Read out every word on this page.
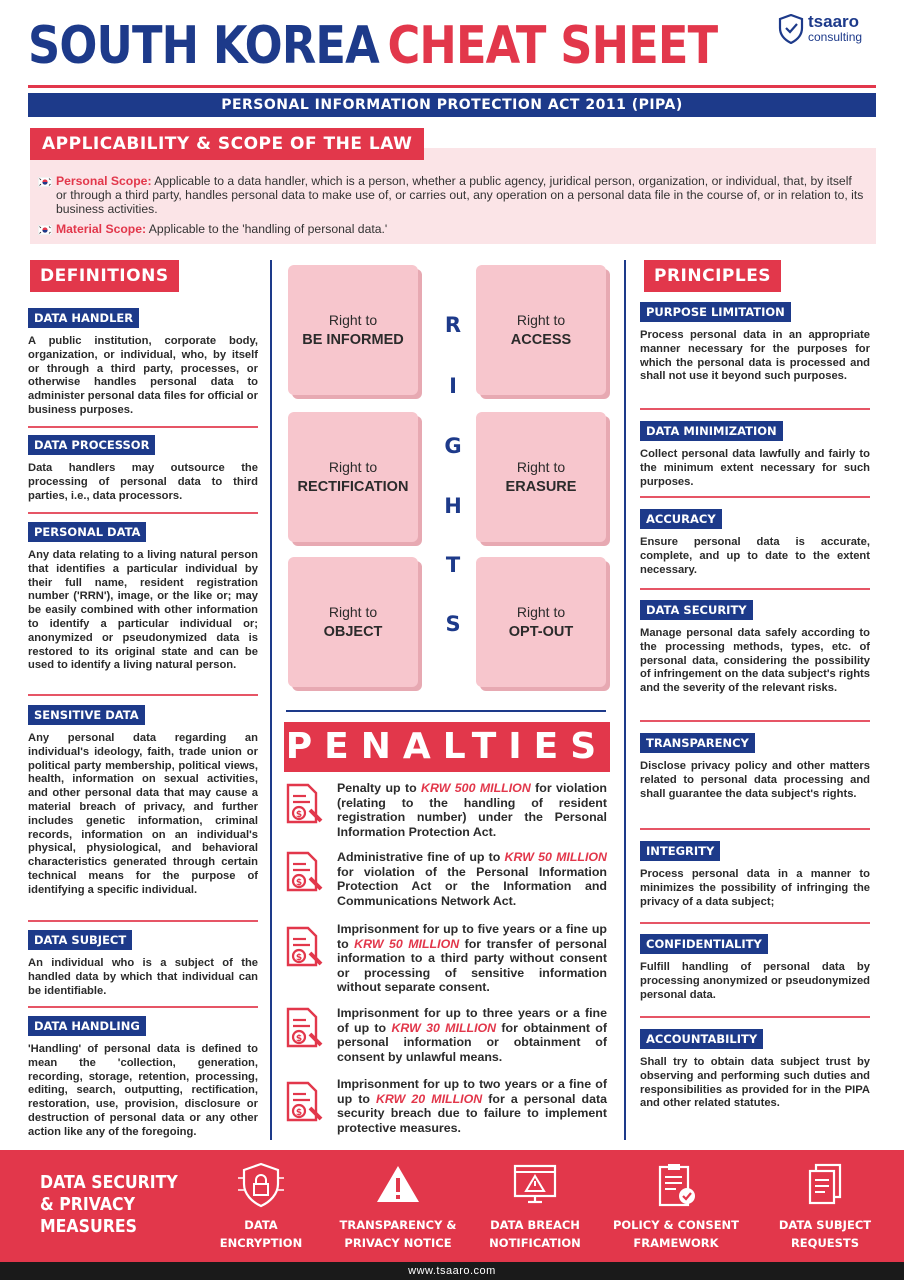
SOUTH KOREA CHEAT SHEET	tsaaro
consulting
PERSONAL INFORMATION PROTECTION ACT 2011 (PIPA)
Personal Scope: Applicable to a data handler, which is a person, whether a public agency, juridical person, organization, or individual, that, by itself or through a third party, handles personal data to make use of, or carries out, any operation on a personal data file in the course of, or in relation to, its business activities.
Material Scope: Applicable to the 'handling of personal data.'
APPLICABILITY & SCOPE OF THE LAW
DEFINITIONS
DATA HANDLER
A public institution, corporate body, organization, or individual, who, by itself or through a third party, processes, or otherwise handles personal data to administer personal data files for official or business purposes.
DATA PROCESSOR
Data handlers may outsource the processing of personal data to third parties, i.e., data processors.
PERSONAL DATA
Any data relating to a living natural person that identifies a particular individual by their full name, resident registration number ('RRN'), image, or the like or; may be easily combined with other information to identify a particular individual or; anonymized or pseudonymized data is restored to its original state and can be used to identify a living natural person.
SENSITIVE DATA
Any personal data regarding an individual's ideology, faith, trade union or political party membership, political views, health, information on sexual activities, and other personal data that may cause a material breach of privacy, and further includes genetic information, criminal records, information on an individual's physical, physiological, and behavioral characteristics generated through certain technical means for the purpose of identifying a specific individual.
DATA SUBJECT
An individual who is a subject of the handled data by which that individual can be identifiable.
DATA HANDLING
'Handling' of personal data is defined to mean the 'collection, generation, recording, storage, retention, processing, editing, search, outputting, rectification, restoration, use, provision, disclosure or destruction of personal data or any other action like any of the foregoing.
Right to
BE INFORMED
Right to
ACCESS
Right to
RECTIFICATION
Right to
ERASURE
Right to
OBJECT
Right to
OPT-OUT
R
I
G
H
T
S
PENALTIES
$
Penalty up to KRW 500 MILLION for violation (relating to the handling of resident registration number) under the Personal Information Protection Act.
$
Administrative fine of up to KRW 50 MILLION for violation of the Personal Information Protection Act or the Information and Communications Network Act.
$
Imprisonment for up to five years or a fine up to KRW 50 MILLION for transfer of personal information to a third party without consent or processing of sensitive information without separate consent.
$
Imprisonment for up to three years or a fine of up to KRW 30 MILLION for obtainment of personal information or obtainment of consent by unlawful means.
$
Imprisonment for up to two years or a fine of up to KRW 20 MILLION for a personal data security breach due to failure to implement protective measures.
PRINCIPLES
PURPOSE LIMITATION
Process personal data in an appropriate manner necessary for the purposes for which the personal data is processed and shall not use it beyond such purposes.
DATA MINIMIZATION
Collect personal data lawfully and fairly to the minimum extent necessary for such purposes.
ACCURACY
Ensure personal data is accurate, complete, and up to date to the extent necessary.
DATA SECURITY
Manage personal data safely according to the processing methods, types, etc. of personal data, considering the possibility of infringement on the data subject's rights and the severity of the relevant risks.
TRANSPARENCY
Disclose privacy policy and other matters related to personal data processing and shall guarantee the data subject's rights.
INTEGRITY
Process personal data in a manner to minimizes the possibility of infringing the privacy of a data subject;
CONFIDENTIALITY
Fulfill handling of personal data by processing anonymized or pseudonymized personal data.
ACCOUNTABILITY
Shall try to obtain data subject trust by observing and performing such duties and responsibilities as provided for in the PIPA and other related statutes.
DATA SECURITY
& PRIVACY
MEASURES	DATA
ENCRYPTION
TRANSPARENCY &
PRIVACY NOTICE
DATA BREACH
NOTIFICATION
POLICY & CONSENT
FRAMEWORK
DATA SUBJECT
REQUESTS
www.tsaaro.com
